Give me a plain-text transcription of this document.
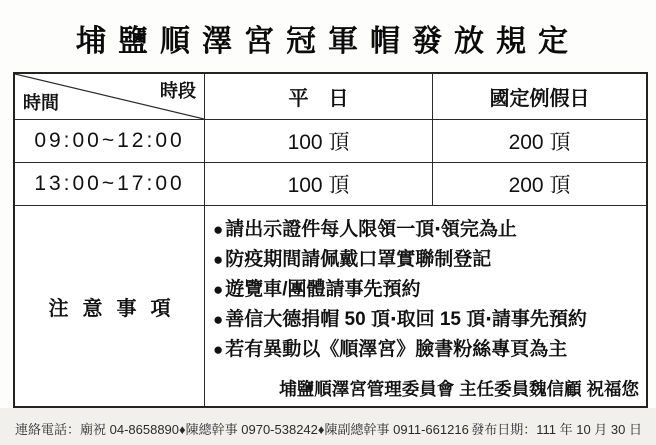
埔鹽順澤宮冠軍帽發放規定
時間
時段	平　日	國定例假日
09:00~12:00	100 頂	200 頂
13:00~17:00	100 頂	200 頂
注意事項
● 請出示證件每人限領一頂‧領完為止
● 防疫期間請佩戴口罩實聯制登記
● 遊覽車/團體請事先預約
● 善信大德捐帽 50 頂‧取回 15 頂‧請事先預約
● 若有異動以《順澤宮》臉書粉絲專頁為主
埔鹽順澤宮管理委員會 主任委員魏信顧 祝福您
連絡電話：廟祝 04-8658890♦陳總幹事 0970-538242♦陳副總幹事 0911-661216 發布日期：111 年 10 月 30 日
